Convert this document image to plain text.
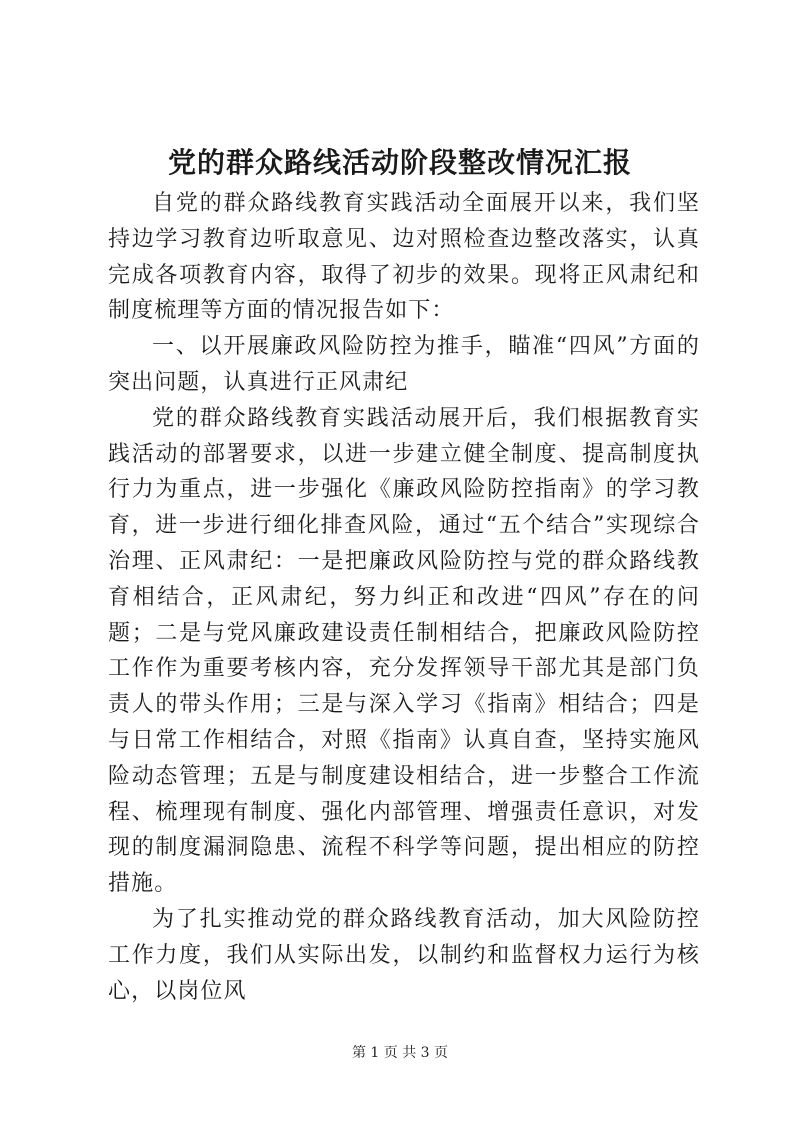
党的群众路线活动阶段整改情况汇报

自党的群众路线教育实践活动全面展开以来，我们坚持边学习教育边听取意见、边对照检查边整改落实，认真完成各项教育内容，取得了初步的效果。现将正风肃纪和制度梳理等方面的情况报告如下：

一、以开展廉政风险防控为推手，瞄准“四风”方面的突出问题，认真进行正风肃纪

党的群众路线教育实践活动展开后，我们根据教育实践活动的部署要求，以进一步建立健全制度、提高制度执行力为重点，进一步强化《廉政风险防控指南》的学习教育，进一步进行细化排查风险，通过“五个结合”实现综合治理、正风肃纪：一是把廉政风险防控与党的群众路线教育相结合，正风肃纪，努力纠正和改进“四风”存在的问题；二是与党风廉政建设责任制相结合，把廉政风险防控工作作为重要考核内容，充分发挥领导干部尤其是部门负责人的带头作用；三是与深入学习《指南》相结合；四是与日常工作相结合，对照《指南》认真自查，坚持实施风险动态管理；五是与制度建设相结合，进一步整合工作流程、梳理现有制度、强化内部管理、增强责任意识，对发现的制度漏洞隐患、流程不科学等问题，提出相应的防控措施。

为了扎实推动党的群众路线教育活动，加大风险防控工作力度，我们从实际出发，以制约和监督权力运行为核心，以岗位风

第 1 页 共 3 页
